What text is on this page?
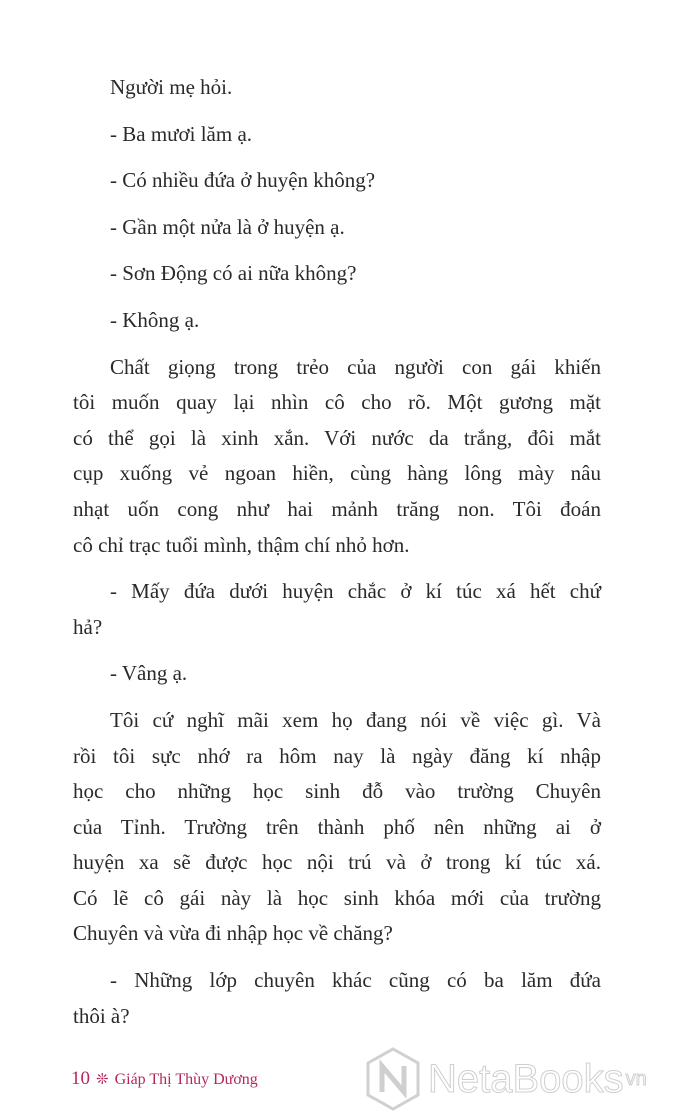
Người mẹ hỏi.
- Ba mươi lăm ạ.
- Có nhiều đứa ở huyện không?
- Gần một nửa là ở huyện ạ.
- Sơn Động có ai nữa không?
- Không ạ.
Chất giọng trong trẻo của người con gái khiến
tôi muốn quay lại nhìn cô cho rõ. Một gương mặt
có thể gọi là xinh xắn. Với nước da trắng, đôi mắt
cụp xuống vẻ ngoan hiền, cùng hàng lông mày nâu
nhạt uốn cong như hai mảnh trăng non. Tôi đoán
cô chỉ trạc tuổi mình, thậm chí nhỏ hơn.
- Mấy đứa dưới huyện chắc ở kí túc xá hết chứ
hả?
- Vâng ạ.
Tôi cứ nghĩ mãi xem họ đang nói về việc gì. Và
rồi tôi sực nhớ ra hôm nay là ngày đăng kí nhập
học cho những học sinh đỗ vào trường Chuyên
của Tỉnh. Trường trên thành phố nên những ai ở
huyện xa sẽ được học nội trú và ở trong kí túc xá.
Có lẽ cô gái này là học sinh khóa mới của trường
Chuyên và vừa đi nhập học về chăng?
- Những lớp chuyên khác cũng có ba lăm đứa
thôi à?
10 ❊ Giáp Thị Thùy Dương	NetaBooks vn
